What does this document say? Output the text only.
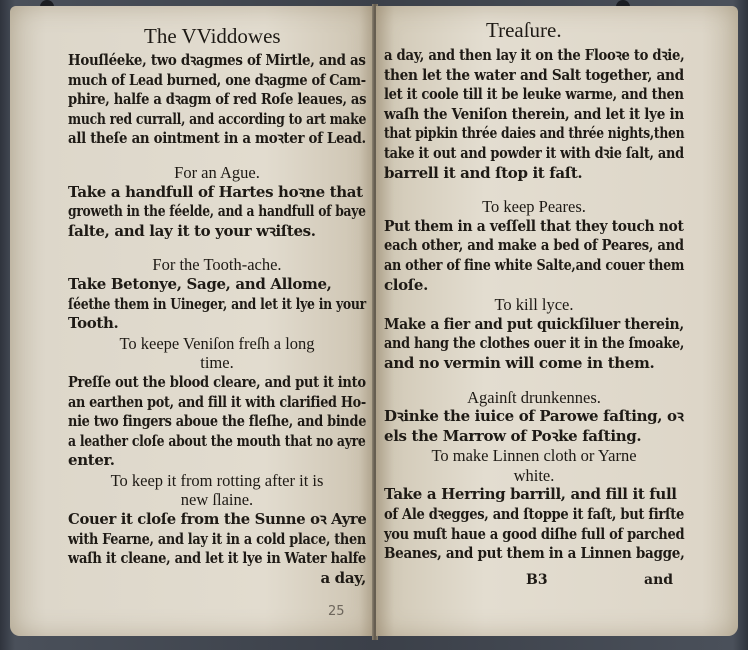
The VViddowes
Houſléeke, two dꝛagmes of Mirtle, and as
much of Lead burned, one dꝛagme of Cam-
phire, halfe a dꝛagm of red Roſe leaues, as
much red currall, and according to art make
all theſe an ointment in a moꝛter of Lead.
For an Ague.
Take a handfull of Hartes hoꝛne that
groweth in the féelde, and a handfull of baye
ſalte, and lay it to your wꝛiſtes.
For the Tooth-ache.
Take Betonye, Sage, and Allome,
ſéethe them in Uineger, and let it lye in your
Tooth.
To keepe Veniſon freſh a long
time.
Preſſe out the blood cleare, and put it into
an earthen pot, and fill it with clarified Ho-
nie two fingers aboue the fleſhe, and binde
a leather cloſe about the mouth that no ayre
enter.
To keep it from rotting after it is
new ſlaine.
Couer it cloſe from the Sunne oꝛ Ayre
with Fearne, and lay it in a cold place, then
waſh it cleane, and let it lye in Water halfe
a day,
25
Treaſure.
a day, and then lay it on the Flooꝛe to dꝛie,
then let the water and Salt together, and
let it coole till it be leuke warme, and then
waſh the Veniſon therein, and let it lye in
that pipkin thrée daies and thrée nights,then
take it out and powder it with dꝛie ſalt, and
barrell it and ſtop it faſt.
To keep Peares.
Put them in a veſſell that they touch not
each other, and make a bed of Peares, and
an other of fine white Salte,and couer them
cloſe.
To kill lyce.
Make a fier and put quickſiluer therein,
and hang the clothes ouer it in the ſmoake,
and no vermin will come in them.
Againſt drunkennes.
Dꝛinke the iuice of Parowe faſting, oꝛ
els the Marrow of Poꝛke faſting.
To make Linnen cloth or Yarne
white.
Take a Herring barrill, and fill it full
of Ale dꝛegges, and ſtoppe it faſt, but firſte
you muſt haue a good diſhe full of parched
Beanes, and put them in a Linnen bagge,
B3	and
